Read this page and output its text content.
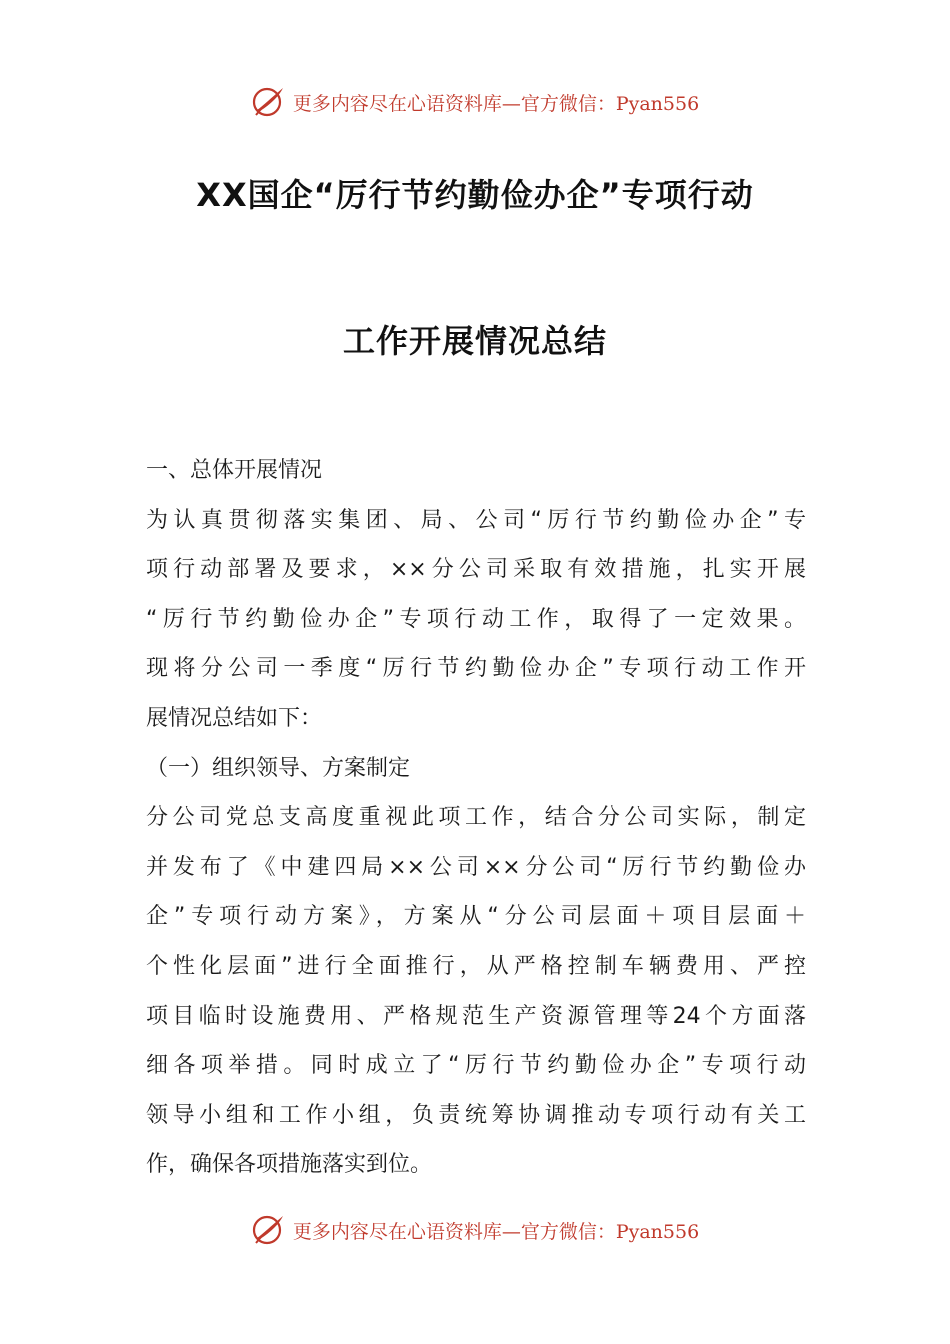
更多内容尽在心语资料库—官方微信：Pyan556
XX国企“厉行节约勤俭办企”专项行动
工作开展情况总结
一、总体开展情况
为认真贯彻落实集团、局、公司“厉行节约勤俭办企”专
项行动部署及要求，××分公司采取有效措施，扎实开展
“厉行节约勤俭办企”专项行动工作，取得了一定效果。
现将分公司一季度“厉行节约勤俭办企”专项行动工作开
展情况总结如下：
（一）组织领导、方案制定
分公司党总支高度重视此项工作，结合分公司实际，制定
并发布了《中建四局××公司××分公司“厉行节约勤俭办
企”专项行动方案》，方案从“分公司层面＋项目层面＋
个性化层面”进行全面推行，从严格控制车辆费用、严控
项目临时设施费用、严格规范生产资源管理等24个方面落
细各项举措。同时成立了“厉行节约勤俭办企”专项行动
领导小组和工作小组，负责统筹协调推动专项行动有关工
作，确保各项措施落实到位。
更多内容尽在心语资料库—官方微信：Pyan556
